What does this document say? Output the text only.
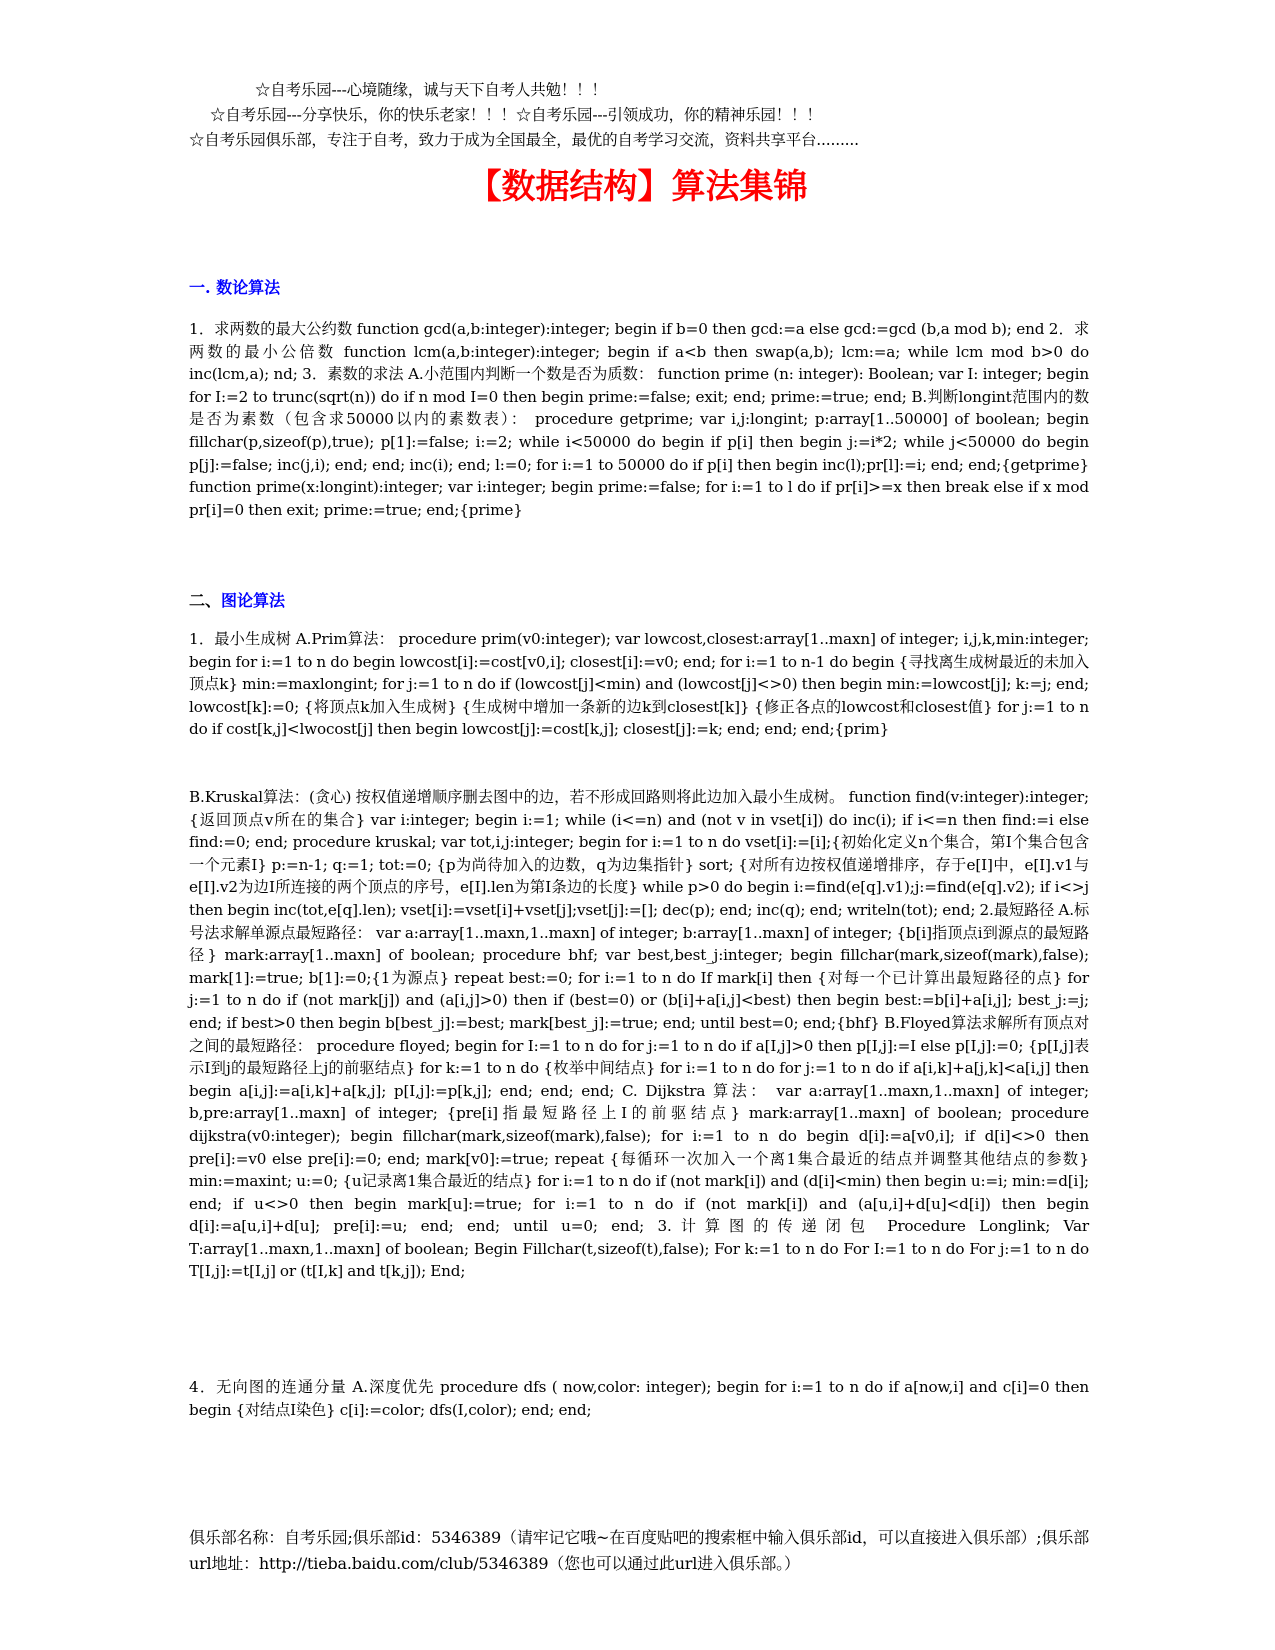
☆自考乐园---心境随缘，诚与天下自考人共勉！！！
☆自考乐园---分享快乐，你的快乐老家！！！☆自考乐园---引领成功，你的精神乐园！！！
☆自考乐园俱乐部，专注于自考，致力于成为全国最全，最优的自考学习交流，资料共享平台.........
【数据结构】算法集锦
一. 数论算法
1．求两数的最大公约数 function gcd(a,b:integer):integer; begin if b=0 then gcd:=a else gcd:=gcd (b,a mod b); end 2．求两数的最小公倍数 function lcm(a,b:integer):integer; begin if a<b then swap(a,b); lcm:=a; while lcm mod b>0 do inc(lcm,a); nd; 3．素数的求法 A.小范围内判断一个数是否为质数： function prime (n: integer): Boolean; var I: integer; begin for I:=2 to trunc(sqrt(n)) do if n mod I=0 then begin prime:=false; exit; end; prime:=true; end; B.判断longint范围内的数是否为素数（包含求50000以内的素数表）： procedure getprime; var i,j:longint; p:array[1..50000] of boolean; begin fillchar(p,sizeof(p),true); p[1]:=false; i:=2; while i<50000 do begin if p[i] then begin j:=i*2; while j<50000 do begin p[j]:=false; inc(j,i); end; end; inc(i); end; l:=0; for i:=1 to 50000 do if p[i] then begin inc(l);pr[l]:=i; end; end;{getprime} function prime(x:longint):integer; var i:integer; begin prime:=false; for i:=1 to l do if pr[i]>=x then break else if x mod pr[i]=0 then exit; prime:=true; end;{prime}
二、图论算法
1．最小生成树 A.Prim算法： procedure prim(v0:integer); var lowcost,closest:array[1..maxn] of integer; i,j,k,min:integer; begin for i:=1 to n do begin lowcost[i]:=cost[v0,i]; closest[i]:=v0; end; for i:=1 to n-1 do begin {寻找离生成树最近的未加入顶点k} min:=maxlongint; for j:=1 to n do if (lowcost[j]<min) and (lowcost[j]<>0) then begin min:=lowcost[j]; k:=j; end; lowcost[k]:=0; {将顶点k加入生成树} {生成树中增加一条新的边k到closest[k]} {修正各点的lowcost和closest值} for j:=1 to n do if cost[k,j]<lwocost[j] then begin lowcost[j]:=cost[k,j]; closest[j]:=k; end; end; end;{prim}
B.Kruskal算法：(贪心) 按权值递增顺序删去图中的边，若不形成回路则将此边加入最小生成树。 function find(v:integer):integer; {返回顶点v所在的集合} var i:integer; begin i:=1; while (i<=n) and (not v in vset[i]) do inc(i); if i<=n then find:=i else find:=0; end; procedure kruskal; var tot,i,j:integer; begin for i:=1 to n do vset[i]:=[i];{初始化定义n个集合，第I个集合包含一个元素I} p:=n-1; q:=1; tot:=0; {p为尚待加入的边数，q为边集指针} sort; {对所有边按权值递增排序，存于e[I]中，e[I].v1与e[I].v2为边I所连接的两个顶点的序号，e[I].len为第I条边的长度} while p>0 do begin i:=find(e[q].v1);j:=find(e[q].v2); if i<>j then begin inc(tot,e[q].len); vset[i]:=vset[i]+vset[j];vset[j]:=[]; dec(p); end; inc(q); end; writeln(tot); end; 2.最短路径 A.标号法求解单源点最短路径： var a:array[1..maxn,1..maxn] of integer; b:array[1..maxn] of integer; {b[i]指顶点i到源点的最短路径} mark:array[1..maxn] of boolean; procedure bhf; var best,best_j:integer; begin fillchar(mark,sizeof(mark),false); mark[1]:=true; b[1]:=0;{1为源点} repeat best:=0; for i:=1 to n do If mark[i] then {对每一个已计算出最短路径的点} for j:=1 to n do if (not mark[j]) and (a[i,j]>0) then if (best=0) or (b[i]+a[i,j]<best) then begin best:=b[i]+a[i,j]; best_j:=j; end; if best>0 then begin b[best_j]:=best; mark[best_j]:=true; end; until best=0; end;{bhf} B.Floyed算法求解所有顶点对之间的最短路径： procedure floyed; begin for I:=1 to n do for j:=1 to n do if a[I,j]>0 then p[I,j]:=I else p[I,j]:=0; {p[I,j]表示I到j的最短路径上j的前驱结点} for k:=1 to n do {枚举中间结点} for i:=1 to n do for j:=1 to n do if a[i,k]+a[j,k]<a[i,j] then begin a[i,j]:=a[i,k]+a[k,j]; p[I,j]:=p[k,j]; end; end; end; C. Dijkstra 算法： var a:array[1..maxn,1..maxn] of integer; b,pre:array[1..maxn] of integer; {pre[i]指最短路径上I的前驱结点} mark:array[1..maxn] of boolean; procedure dijkstra(v0:integer); begin fillchar(mark,sizeof(mark),false); for i:=1 to n do begin d[i]:=a[v0,i]; if d[i]<>0 then pre[i]:=v0 else pre[i]:=0; end; mark[v0]:=true; repeat {每循环一次加入一个离1集合最近的结点并调整其他结点的参数} min:=maxint; u:=0; {u记录离1集合最近的结点} for i:=1 to n do if (not mark[i]) and (d[i]<min) then begin u:=i; min:=d[i]; end; if u<>0 then begin mark[u]:=true; for i:=1 to n do if (not mark[i]) and (a[u,i]+d[u]<d[i]) then begin d[i]:=a[u,i]+d[u]; pre[i]:=u; end; end; until u=0; end; 3.计算图的传递闭包 Procedure Longlink; Var T:array[1..maxn,1..maxn] of boolean; Begin Fillchar(t,sizeof(t),false); For k:=1 to n do For I:=1 to n do For j:=1 to n do T[I,j]:=t[I,j] or (t[I,k] and t[k,j]); End;
4．无向图的连通分量 A.深度优先 procedure dfs ( now,color: integer); begin for i:=1 to n do if a[now,i] and c[i]=0 then begin {对结点I染色} c[i]:=color; dfs(I,color); end; end;
俱乐部名称：自考乐园;俱乐部id：5346389（请牢记它哦~在百度贴吧的搜索框中输入俱乐部id，可以直接进入俱乐部）;俱乐部url地址：http://tieba.baidu.com/club/5346389（您也可以通过此url进入俱乐部。）
